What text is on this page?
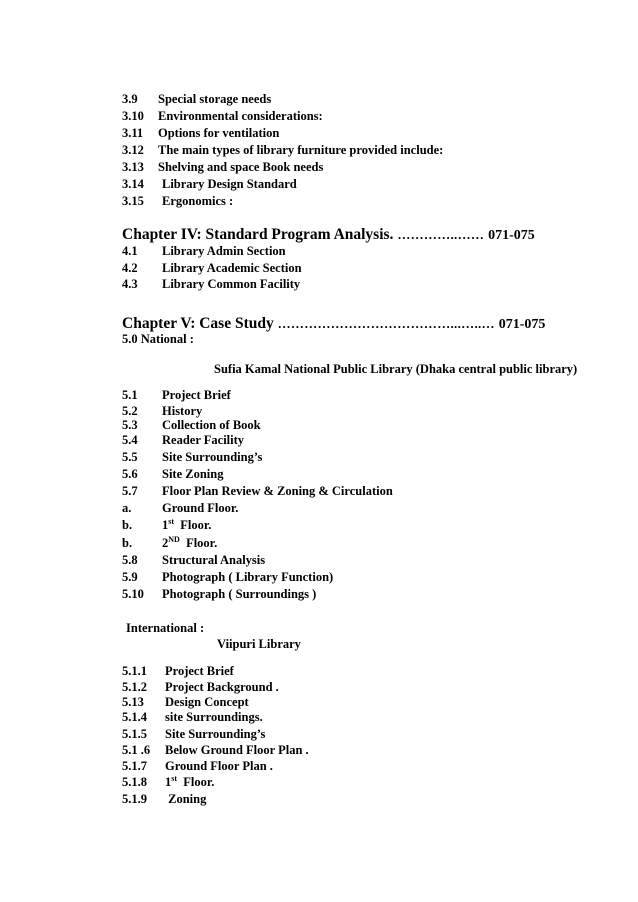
3.9 Special storage needs
3.10 Environmental considerations:
3.11 Options for ventilation
3.12 The main types of library furniture provided include:
3.13 Shelving and space Book needs
3.14 Library Design Standard
3.15 Ergonomics :
Chapter IV: Standard Program Analysis. …………..…… 071-075
4.1 Library Admin Section
4.2 Library Academic Section
4.3 Library Common Facility
Chapter V: Case Study …………………………………...…..… 071-075
5.0 National :
Sufia Kamal National Public Library (Dhaka central public library)
5.1 Project Brief
5.2 History
5.3 Collection of Book
5.4 Reader Facility
5.5 Site Surrounding’s
5.6 Site Zoning
5.7 Floor Plan Review & Zoning & Circulation
a. Ground Floor.
b. 1st  Floor.
b. 2ND  Floor.
5.8 Structural Analysis
5.9 Photograph ( Library Function)
5.10 Photograph ( Surroundings )
International :
Viipuri Library
5.1.1 Project Brief
5.1.2 Project Background .
5.13 Design Concept
5.1.4 site Surroundings.
5.1.5 Site Surrounding’s
5.1 .6 Below Ground Floor Plan .
5.1.7 Ground Floor Plan .
5.1.8 1st  Floor.
5.1.9 Zoning
